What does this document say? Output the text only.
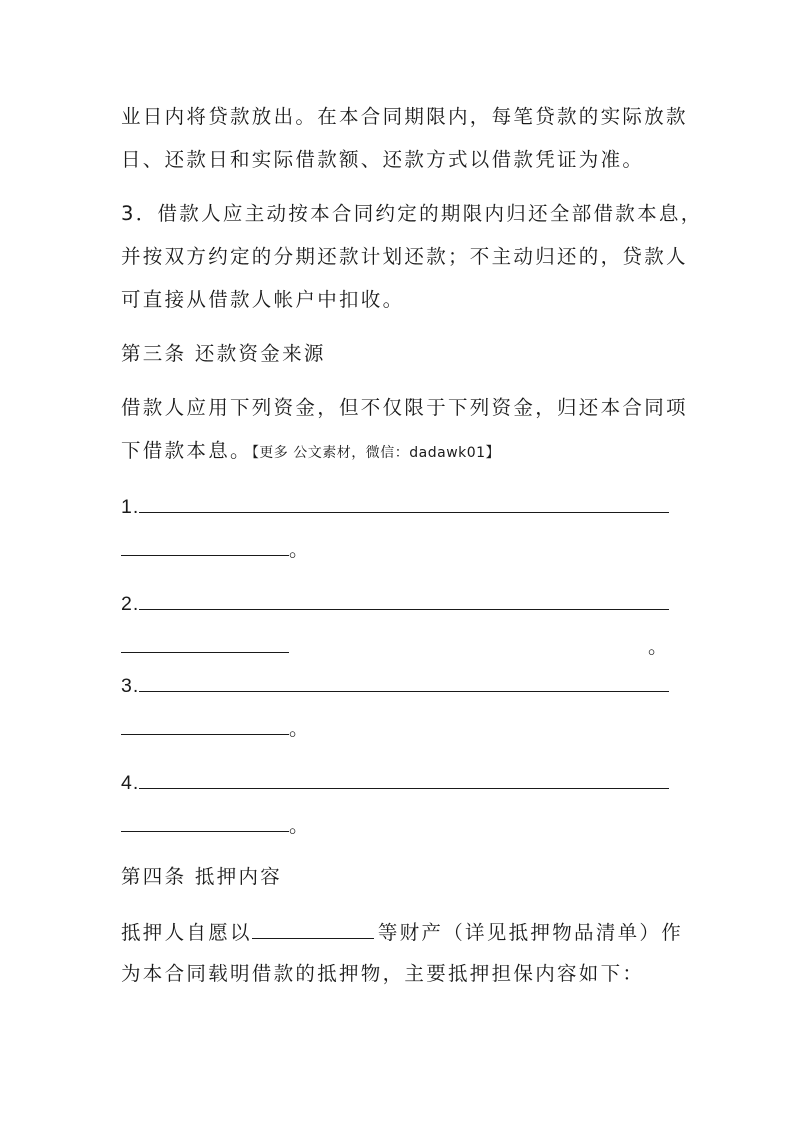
业日内将贷款放出。在本合同期限内，每笔贷款的实际放款
日、还款日和实际借款额、还款方式以借款凭证为准。
3．借款人应主动按本合同约定的期限内归还全部借款本息，
并按双方约定的分期还款计划还款；不主动归还的，贷款人
可直接从借款人帐户中扣收。
第三条 还款资金来源
借款人应用下列资金，但不仅限于下列资金，归还本合同项
下借款本息。【更多 公文素材，微信：dadawk01】
1.
。
2.
。
3.
。
4.
。
第四条 抵押内容
抵押人自愿以	等财产（详见抵押物品清单）作
为本合同载明借款的抵押物，主要抵押担保内容如下：
